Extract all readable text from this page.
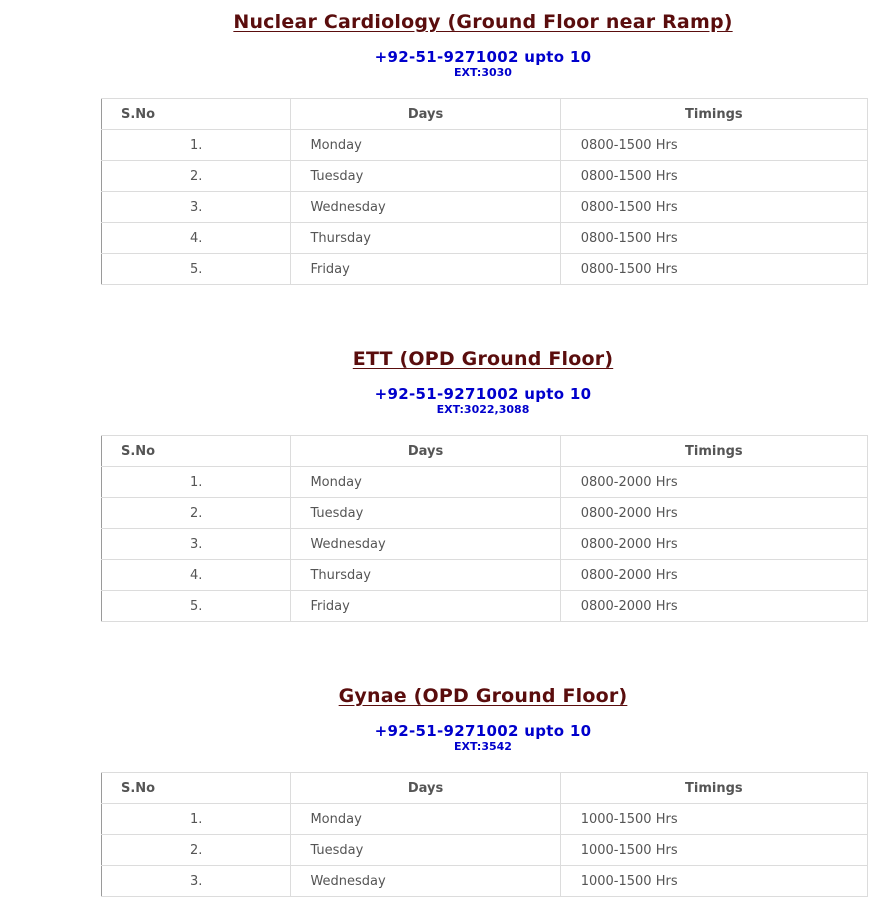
Nuclear Cardiology (Ground Floor near Ramp)
+92-51-9271002 upto 10
EXT:3030
S.No	Days	Timings
1.	Monday	0800-1500 Hrs
2.	Tuesday	0800-1500 Hrs
3.	Wednesday	0800-1500 Hrs
4.	Thursday	0800-1500 Hrs
5.	Friday	0800-1500 Hrs
ETT (OPD Ground Floor)
+92-51-9271002 upto 10
EXT:3022,3088
S.No	Days	Timings
1.	Monday	0800-2000 Hrs
2.	Tuesday	0800-2000 Hrs
3.	Wednesday	0800-2000 Hrs
4.	Thursday	0800-2000 Hrs
5.	Friday	0800-2000 Hrs
Gynae (OPD Ground Floor)
+92-51-9271002 upto 10
EXT:3542
S.No	Days	Timings
1.	Monday	1000-1500 Hrs
2.	Tuesday	1000-1500 Hrs
3.	Wednesday	1000-1500 Hrs
